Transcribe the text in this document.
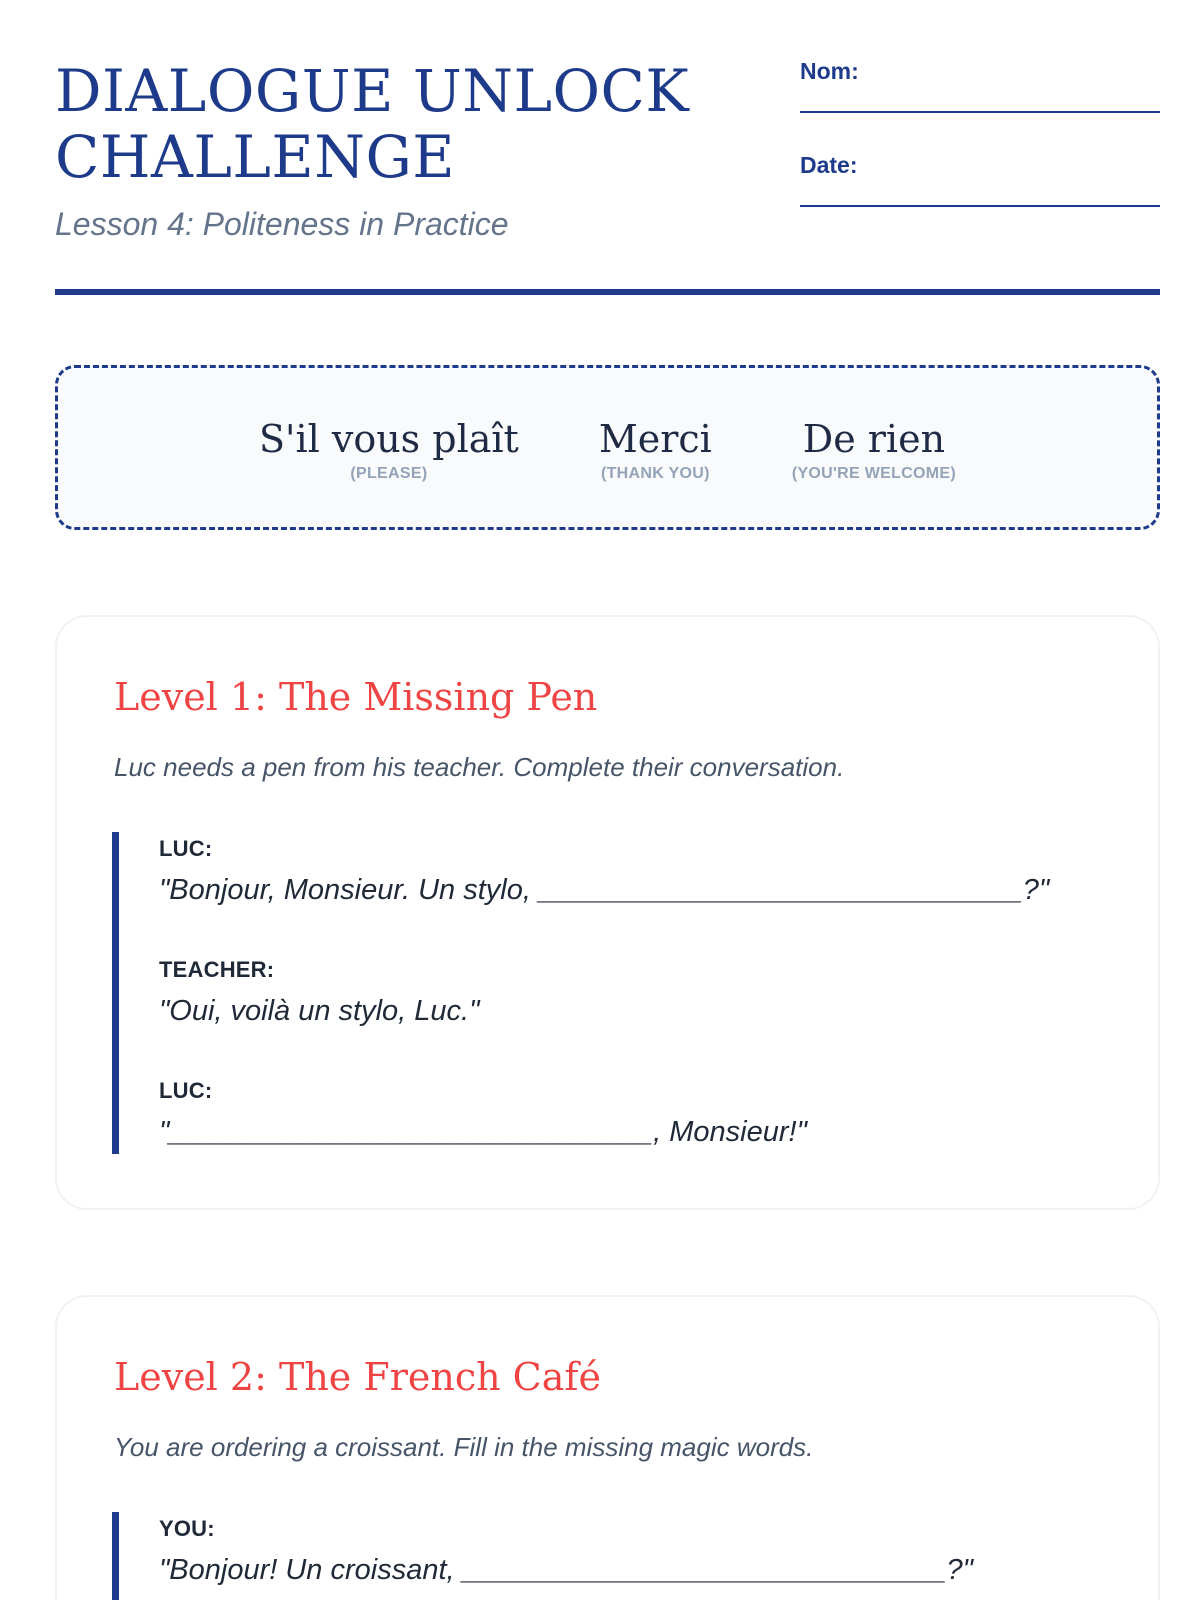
DIALOGUE UNLOCK CHALLENGE
Lesson 4: Politeness in Practice
Nom:
Date:
S'il vous plaît
(PLEASE)
Merci
(THANK YOU)
De rien
(YOU'RE WELCOME)
Level 1: The Missing Pen

Luc needs a pen from his teacher. Complete their conversation.

LUC:
"Bonjour, Monsieur. Un stylo, ______________________________?"
TEACHER:
"Oui, voilà un stylo, Luc."
LUC:
"______________________________, Monsieur!"
Level 2: The French Café

You are ordering a croissant. Fill in the missing magic words.

YOU:
"Bonjour! Un croissant, ______________________________?"
